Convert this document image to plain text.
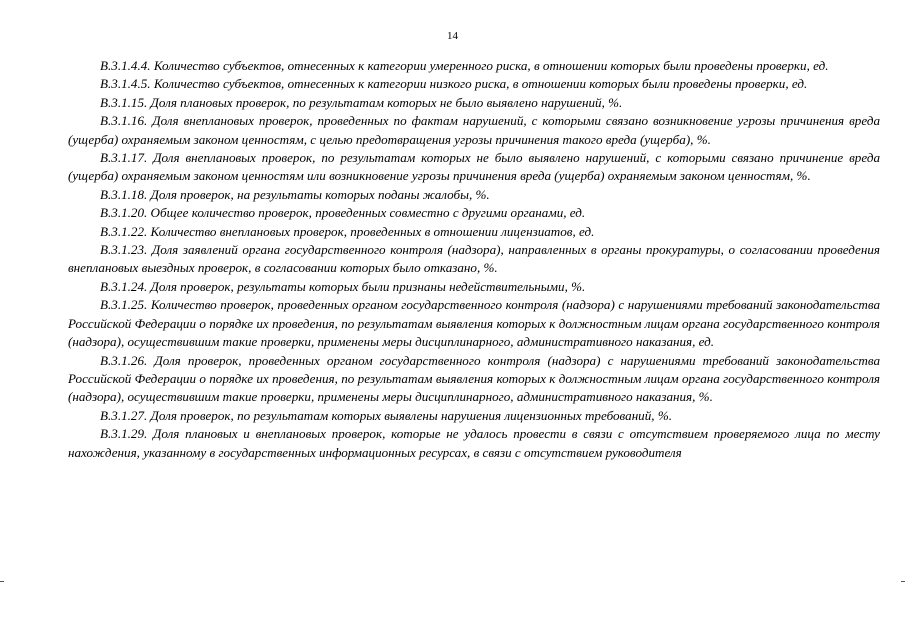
14

В.3.1.4.4. Количество субъектов, отнесенных к категории умеренного риска, в отношении которых были проведены проверки, ед.

В.3.1.4.5. Количество субъектов, отнесенных к категории низкого риска, в отношении которых были проведены проверки, ед.

В.3.1.15. Доля плановых проверок, по результатам которых не было выявлено нарушений, %.

В.3.1.16. Доля внеплановых проверок, проведенных по фактам нарушений, с которыми связано возникновение угрозы причинения вреда (ущерба) охраняемым законом ценностям, с целью предотвращения угрозы причинения такого вреда (ущерба), %.

В.3.1.17. Доля внеплановых проверок, по результатам которых не было выявлено нарушений, с которыми связано причинение вреда (ущерба) охраняемым законом ценностям или возникновение угрозы причинения вреда (ущерба) охраняемым законом ценностям, %.

В.3.1.18. Доля проверок, на результаты которых поданы жалобы, %.

В.3.1.20. Общее количество проверок, проведенных совместно с другими органами, ед.

В.3.1.22. Количество внеплановых проверок, проведенных в отношении лицензиатов, ед.

В.3.1.23. Доля заявлений органа государственного контроля (надзора), направленных в органы прокуратуры, о согласовании проведения внеплановых выездных проверок, в согласовании которых было отказано, %.

В.3.1.24. Доля проверок, результаты которых были признаны недействительными, %.

В.3.1.25. Количество проверок, проведенных органом государственного контроля (надзора) с нарушениями требований законодательства Российской Федерации о порядке их проведения, по результатам выявления которых к должностным лицам органа государственного контроля (надзора), осуществившим такие проверки, применены меры дисциплинарного, административного наказания, ед.

В.3.1.26. Доля проверок, проведенных органом государственного контроля (надзора) с нарушениями требований законодательства Российской Федерации о порядке их проведения, по результатам выявления которых к должностным лицам органа государственного контроля (надзора), осуществившим такие проверки, применены меры дисциплинарного, административного наказания, %.

В.3.1.27. Доля проверок, по результатам которых выявлены нарушения лицензионных требований, %.

В.3.1.29. Доля плановых и внеплановых проверок, которые не удалось провести в связи с отсутствием проверяемого лица по месту нахождения, указанному в государственных информационных ресурсах, в связи с отсутствием руководителя
